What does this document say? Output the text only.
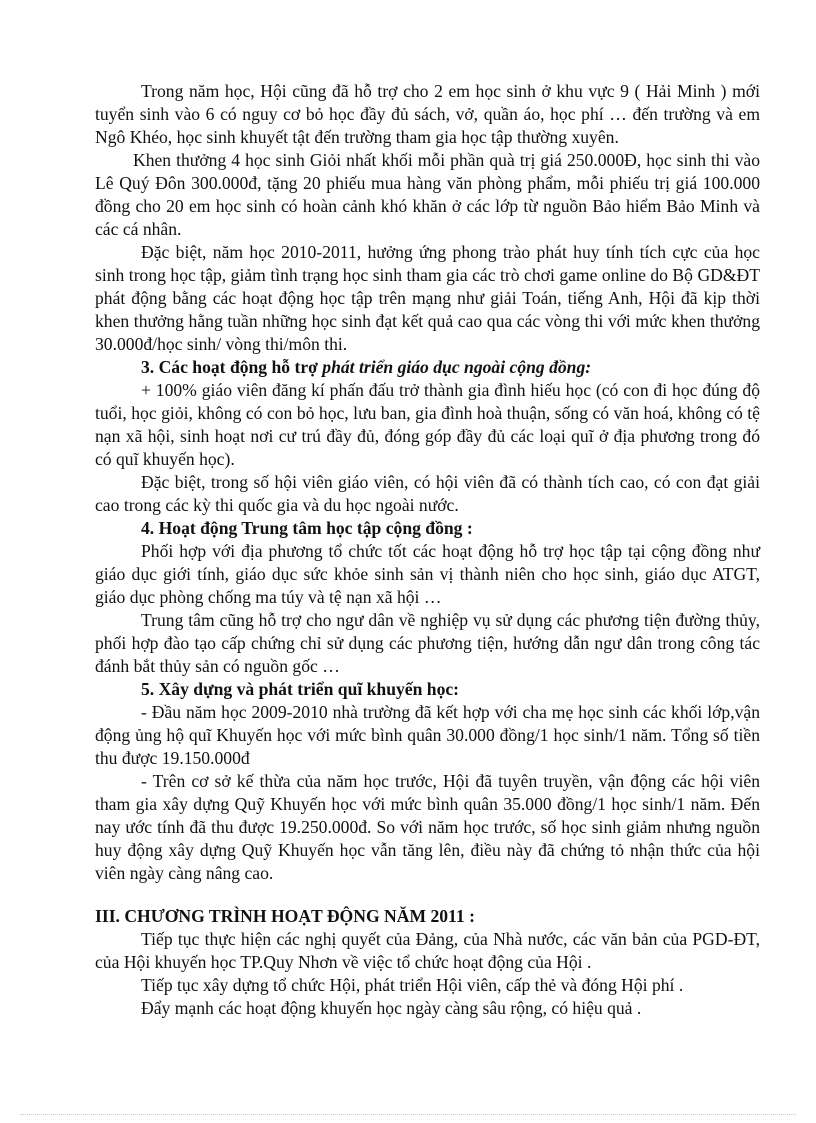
Trong năm học, Hội cũng đã hỗ trợ cho 2 em học sinh ở khu vực 9 ( Hải Minh ) mới tuyển sinh vào 6 có nguy cơ bỏ học đầy đủ sách, vở, quần áo, học phí … đến trường và em Ngô Khéo, học sinh khuyết tật đến trường tham gia học tập thường xuyên.

Khen thưởng 4 học sinh Giỏi nhất khối mỗi phần quà trị giá 250.000Đ, học sinh thi vào Lê Quý Đôn 300.000đ, tặng 20 phiếu mua hàng văn phòng phẩm, mỗi phiếu trị giá 100.000 đồng cho 20 em học sinh có hoàn cảnh khó khăn ở các lớp từ nguồn Bảo hiểm Bảo Minh và các cá nhân.

Đặc biệt, năm học 2010-2011, hưởng ứng phong trào phát huy tính tích cực của học sinh trong học tập, giảm tình trạng học sinh tham gia các trò chơi game online do Bộ GD&ĐT phát động bằng các hoạt động học tập trên mạng như giải Toán, tiếng Anh, Hội đã kịp thời khen thưởng hằng tuần những học sinh đạt kết quả cao qua các vòng thi với mức khen thưởng 30.000đ/học sinh/ vòng thi/môn thi.

3. Các hoạt động hỗ trợ phát triển giáo dục ngoài cộng đồng:

+ 100% giáo viên đăng kí phấn đấu trở thành gia đình hiếu học (có con đi học đúng độ tuổi, học giỏi, không có con bỏ học, lưu ban, gia đình hoà thuận, sống có văn hoá, không có tệ nạn xã hội, sinh hoạt nơi cư trú đầy đủ, đóng góp đầy đủ các loại quĩ ở địa phương trong đó có quĩ khuyến học).

Đặc biệt, trong số hội viên giáo viên, có hội viên đã có thành tích cao, có con đạt giải cao trong các kỳ thi quốc gia và du học ngoài nước.

4. Hoạt động Trung tâm học tập cộng đồng :

Phối hợp với địa phương tổ chức tốt các hoạt động hỗ trợ học tập tại cộng đồng như giáo dục giới tính, giáo dục sức khỏe sinh sản vị thành niên cho học sinh, giáo dục ATGT, giáo dục phòng chống ma túy và tệ nạn xã hội …

Trung tâm cũng hỗ trợ cho ngư dân về nghiệp vụ sử dụng các phương tiện đường thủy, phối hợp đào tạo cấp chứng chỉ sử dụng các phương tiện, hướng dẫn ngư dân trong công tác đánh bắt thủy sản có nguồn gốc …

5. Xây dựng và phát triển quĩ khuyến học:

- Đầu năm học 2009-2010 nhà trường đã kết hợp với cha mẹ học sinh các khối lớp,vận động ủng hộ quĩ Khuyến học với mức bình quân 30.000 đồng/1 học sinh/1 năm. Tổng số tiền thu được 19.150.000đ

- Trên cơ sở kế thừa của năm học trước, Hội đã tuyên truyền, vận động các hội viên tham gia xây dựng Quỹ Khuyến học với mức bình quân 35.000 đồng/1 học sinh/1 năm. Đến nay ước tính đã thu được 19.250.000đ. So với năm học trước, số học sinh giảm nhưng nguồn huy động xây dựng Quỹ Khuyến học vẫn tăng lên, điều này đã chứng tỏ nhận thức của hội viên ngày càng nâng cao.

III. CHƯƠNG TRÌNH HOẠT ĐỘNG NĂM 2011 :

Tiếp tục thực hiện các nghị quyết của Đảng, của Nhà nước, các văn bản của PGD-ĐT, của Hội khuyến học TP.Quy Nhơn về việc tổ chức hoạt động của Hội .

Tiếp tục xây dựng tổ chức Hội, phát triển Hội viên, cấp thẻ và đóng Hội phí .

Đẩy mạnh các hoạt động khuyến học ngày càng sâu rộng, có hiệu quả .
